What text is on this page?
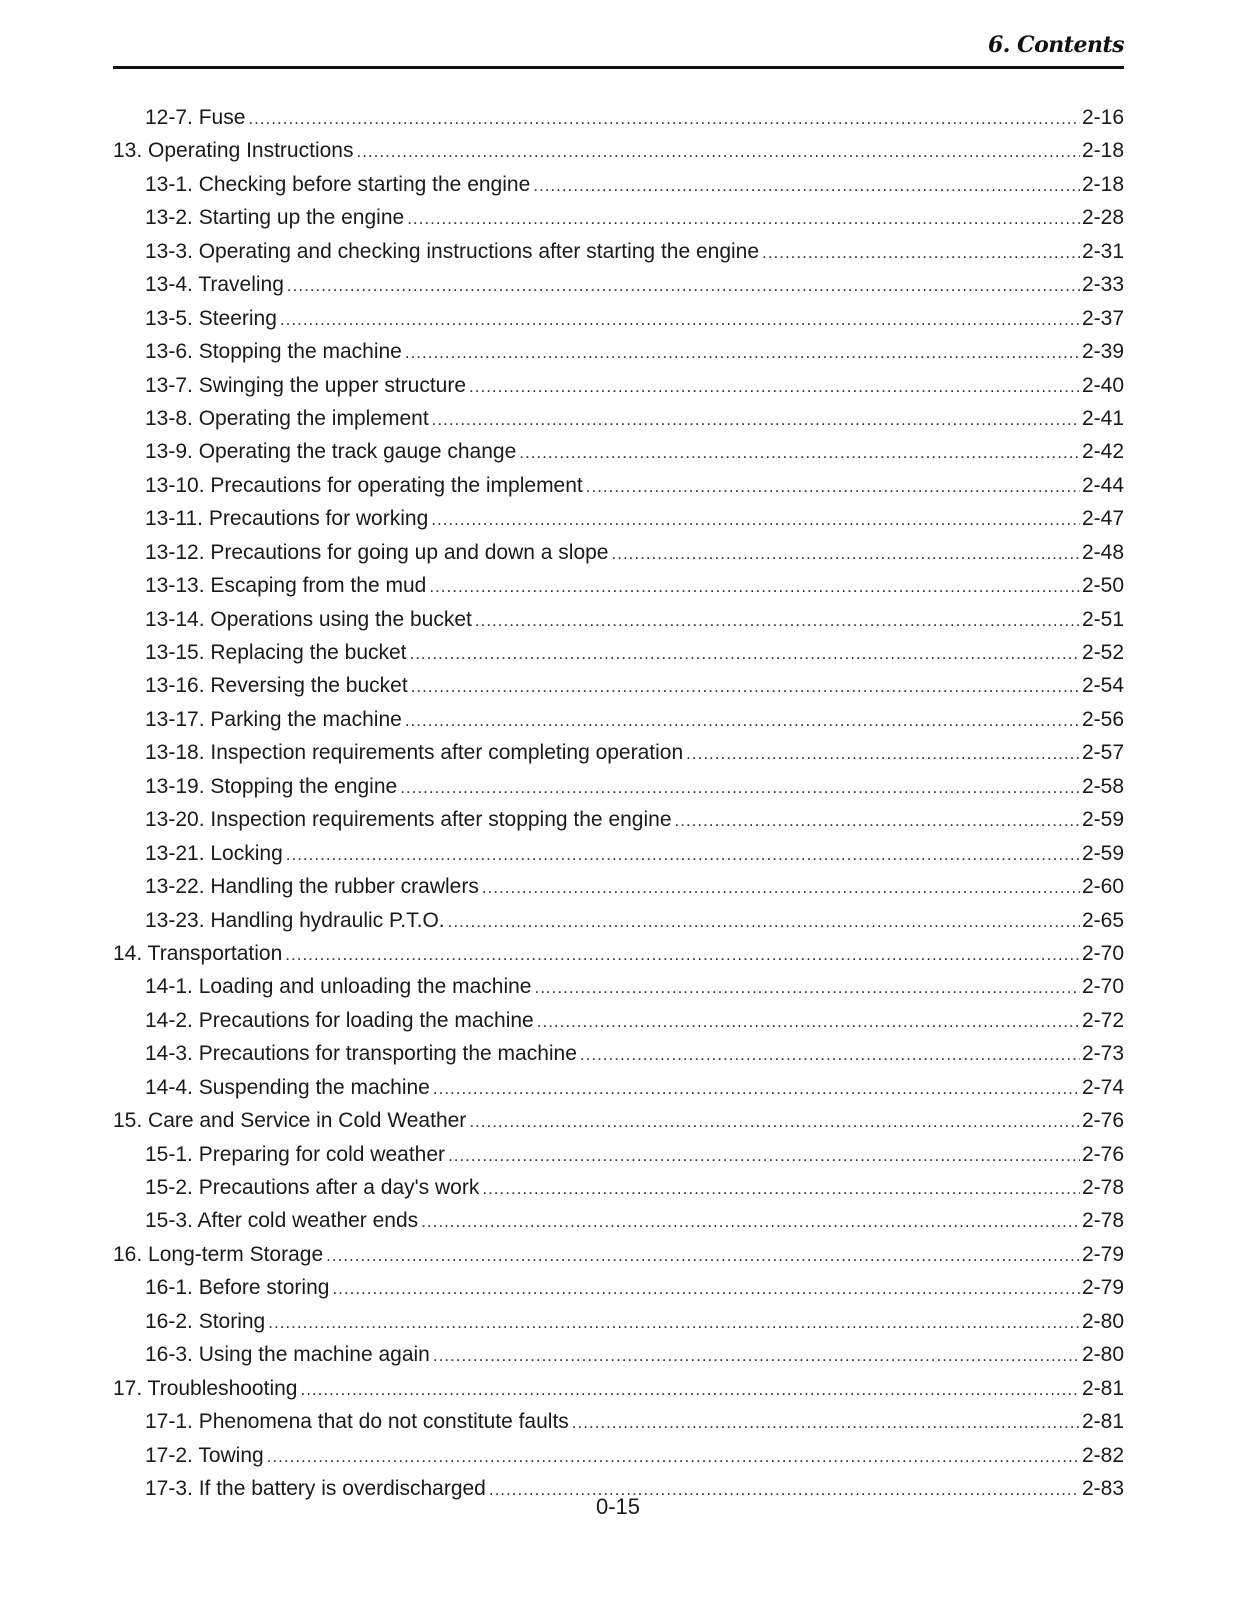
6. Contents
12-7. Fuse .....	2-16
13. Operating Instructions .....	2-18
13-1. Checking before starting the engine .....	2-18
13-2. Starting up the engine .....	2-28
13-3. Operating and checking instructions after starting the engine .....	2-31
13-4. Traveling .....	2-33
13-5. Steering .....	2-37
13-6. Stopping the machine .....	2-39
13-7. Swinging the upper structure .....	2-40
13-8. Operating the implement .....	2-41
13-9. Operating the track gauge change .....	2-42
13-10. Precautions for operating the implement .....	2-44
13-11. Precautions for working .....	2-47
13-12. Precautions for going up and down a slope .....	2-48
13-13. Escaping from the mud .....	2-50
13-14. Operations using the bucket .....	2-51
13-15. Replacing the bucket .....	2-52
13-16. Reversing the bucket .....	2-54
13-17. Parking the machine .....	2-56
13-18. Inspection requirements after completing operation .....	2-57
13-19. Stopping the engine .....	2-58
13-20. Inspection requirements after stopping the engine .....	2-59
13-21. Locking .....	2-59
13-22. Handling the rubber crawlers .....	2-60
13-23. Handling hydraulic P.T.O. .....	2-65
14. Transportation .....	2-70
14-1. Loading and unloading the machine .....	2-70
14-2. Precautions for loading the machine .....	2-72
14-3. Precautions for transporting the machine .....	2-73
14-4. Suspending the machine .....	2-74
15. Care and Service in Cold Weather .....	2-76
15-1. Preparing for cold weather .....	2-76
15-2. Precautions after a day's work .....	2-78
15-3. After cold weather ends .....	2-78
16. Long-term Storage .....	2-79
16-1. Before storing .....	2-79
16-2. Storing .....	2-80
16-3. Using the machine again .....	2-80
17. Troubleshooting .....	2-81
17-1. Phenomena that do not constitute faults .....	2-81
17-2. Towing .....	2-82
17-3. If the battery is overdischarged .....	2-83
0-15
